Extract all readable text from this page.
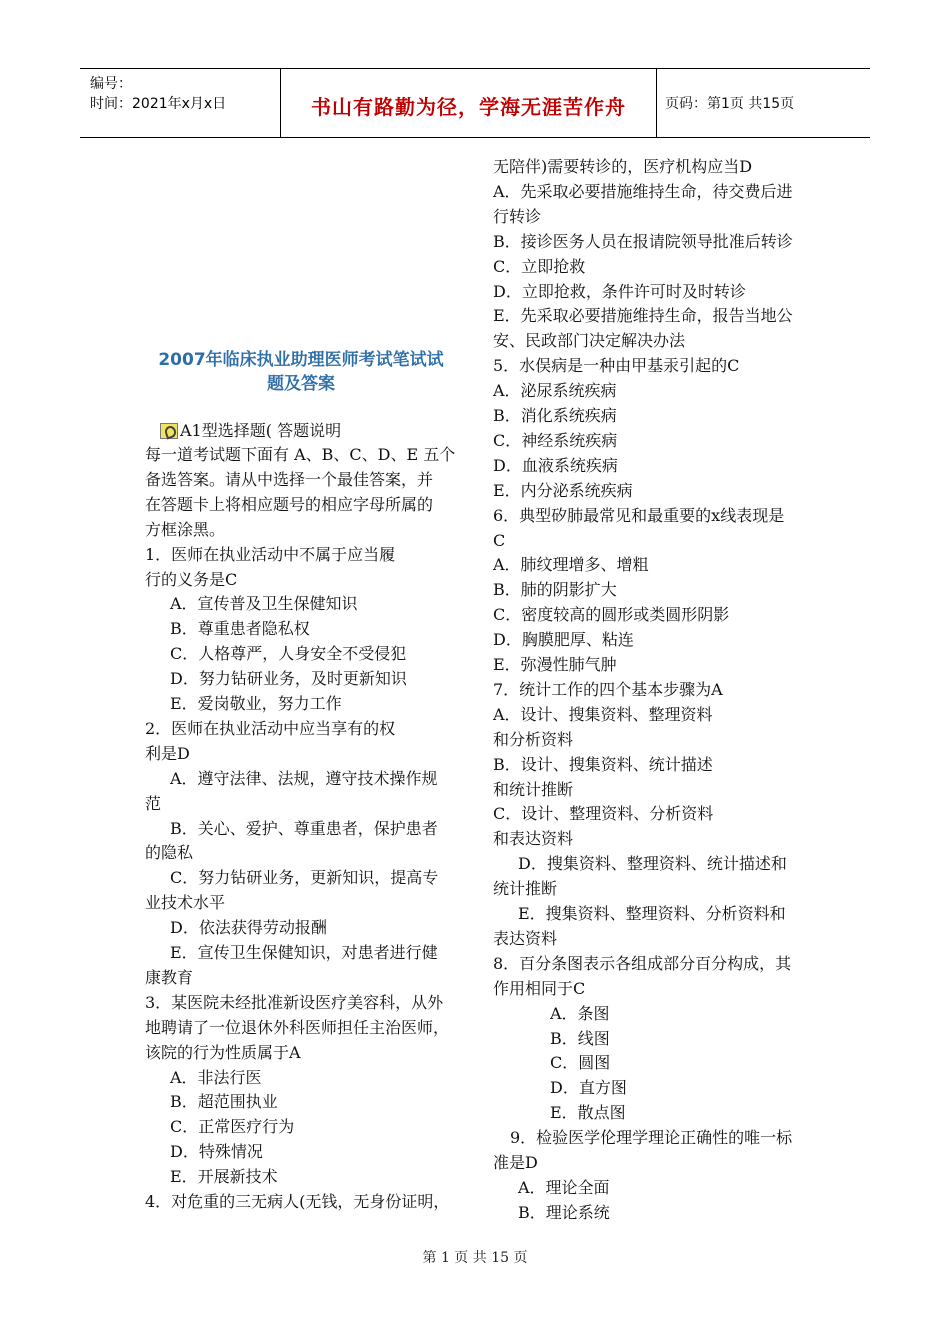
编号：
时间：2021年x月x日	书山有路勤为径，学海无涯苦作舟	页码：第1页 共15页
2007年临床执业助理医师考试笔试试
题及答案
A1型选择题( 答题说明
每一道考试题下面有 A、B、C、D、E 五个
备选答案。请从中选择一个最佳答案，并
在答题卡上将相应题号的相应字母所属的
方框涂黑。
1．医师在执业活动中不属于应当履
行的义务是C
A．宣传普及卫生保健知识
B．尊重患者隐私权
C．人格尊严，人身安全不受侵犯
D．努力钻研业务，及时更新知识
E．爱岗敬业，努力工作
2．医师在执业活动中应当享有的权
利是D
A．遵守法律、法规，遵守技术操作规
范
B．关心、爱护、尊重患者，保护患者
的隐私
C．努力钻研业务，更新知识，提高专
业技术水平
D．依法获得劳动报酬
E．宣传卫生保健知识，对患者进行健
康教育
3．某医院未经批准新设医疗美容科，从外
地聘请了一位退休外科医师担任主治医师，
该院的行为性质属于A
A．非法行医
B．超范围执业
C．正常医疗行为
D．特殊情况
E．开展新技术
4．对危重的三无病人(无钱，无身份证明，
无陪伴)需要转诊的，医疗机构应当D
A．先采取必要措施维持生命，待交费后进
行转诊
B．接诊医务人员在报请院领导批准后转诊
C．立即抢救
D．立即抢救，条件许可时及时转诊
E．先采取必要措施维持生命，报告当地公
安、民政部门决定解决办法
5．水俣病是一种由甲基汞引起的C
A．泌尿系统疾病
B．消化系统疾病
C．神经系统疾病
D．血液系统疾病
E．内分泌系统疾病
6．典型矽肺最常见和最重要的x线表现是
C
A．肺纹理增多、增粗
B．肺的阴影扩大
C．密度较高的圆形或类圆形阴影
D．胸膜肥厚、粘连
E．弥漫性肺气肿
7．统计工作的四个基本步骤为A
A．设计、搜集资料、整理资料
和分析资料
B．设计、搜集资料、统计描述
和统计推断
C．设计、整理资料、分析资料
和表达资料
D．搜集资料、整理资料、统计描述和
统计推断
E．搜集资料、整理资料、分析资料和
表达资料
8．百分条图表示各组成部分百分构成，其
作用相同于C
A．条图
B．线图
C．圆图
D．直方图
E．散点图
9．检验医学伦理学理论正确性的唯一标
准是D
A．理论全面
B．理论系统
第 1 页 共 15 页
